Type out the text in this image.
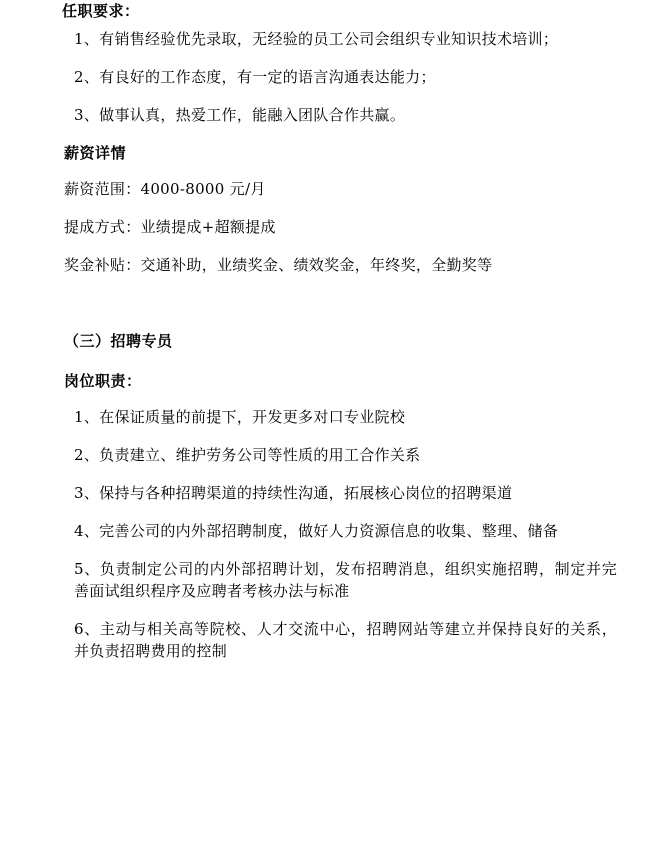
任职要求：
1、有销售经验优先录取，无经验的员工公司会组织专业知识技术培训；
2、有良好的工作态度，有一定的语言沟通表达能力；
3、做事认真，热爱工作，能融入团队合作共赢。
薪资详情
薪资范围：4000-8000 元/月
提成方式：业绩提成+超额提成
奖金补贴：交通补助，业绩奖金、绩效奖金，年终奖，全勤奖等
（三）招聘专员
岗位职责：
1、在保证质量的前提下，开发更多对口专业院校
2、负责建立、维护劳务公司等性质的用工合作关系
3、保持与各种招聘渠道的持续性沟通，拓展核心岗位的招聘渠道
4、完善公司的内外部招聘制度，做好人力资源信息的收集、整理、储备
5、负责制定公司的内外部招聘计划，发布招聘消息，组织实施招聘，制定并完善面试组织程序及应聘者考核办法与标准
6、主动与相关高等院校、人才交流中心，招聘网站等建立并保持良好的关系，并负责招聘费用的控制
